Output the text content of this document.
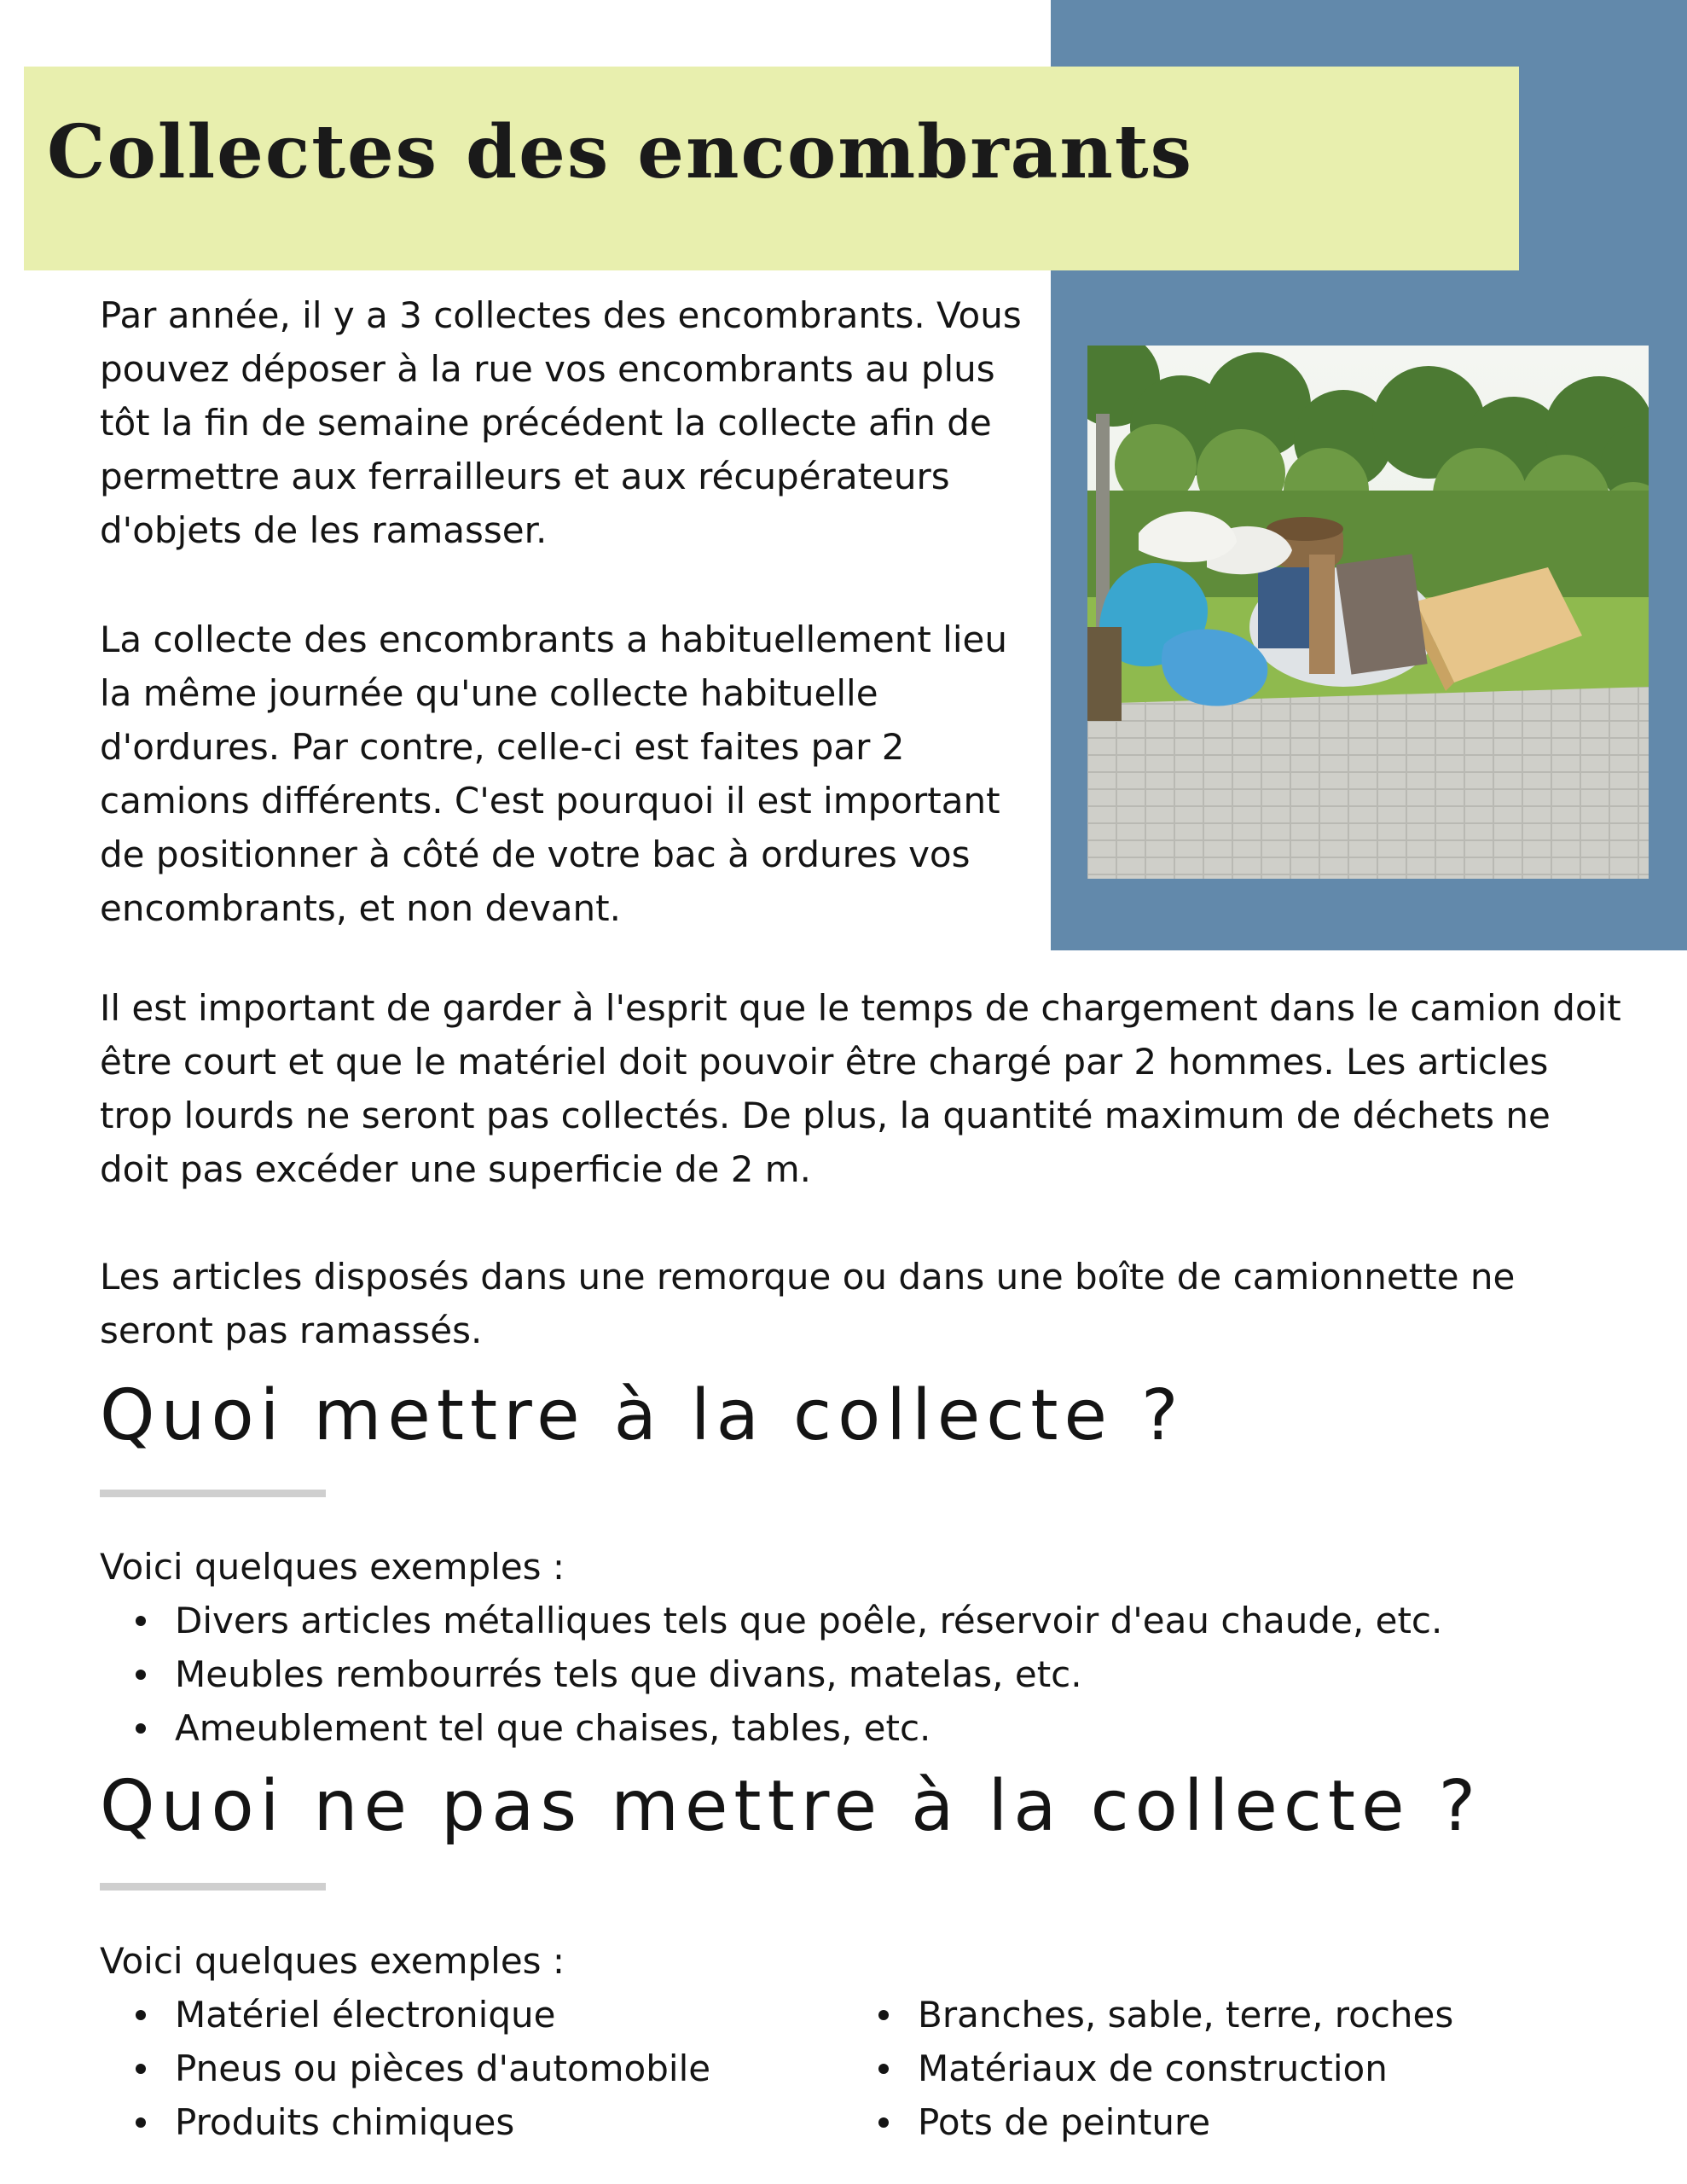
Collectes des encombrants

Par année, il y a 3 collectes des encombrants. Vous pouvez déposer à la rue vos encombrants au plus tôt la fin de semaine précédent la collecte afin de permettre aux ferrailleurs et aux récupérateurs d'objets de les ramasser.

La collecte des encombrants a habituellement lieu la même journée qu'une collecte habituelle d'ordures. Par contre, celle-ci est faites par 2 camions différents. C'est pourquoi il est important de positionner à côté de votre bac à ordures vos encombrants, et non devant.

Il est important de garder à l'esprit que le temps de chargement dans le camion doit être court et que le matériel doit pouvoir être chargé par 2 hommes. Les articles trop lourds ne seront pas collectés. De plus, la quantité maximum de déchets ne doit pas excéder une superficie de 2 m.

Les articles disposés dans une remorque ou dans une boîte de camionnette ne seront pas ramassés.

Quoi mettre à la collecte ?

Voici quelques exemples :

Divers articles métalliques tels que poêle, réservoir d'eau chaude, etc.
Meubles rembourrés tels que divans, matelas, etc.
Ameublement tel que chaises, tables, etc.
Quoi ne pas mettre à la collecte ?

Voici quelques exemples :

Matériel électronique
Pneus ou pièces d'automobile
Produits chimiques
Branches, sable, terre, roches
Matériaux de construction
Pots de peinture
